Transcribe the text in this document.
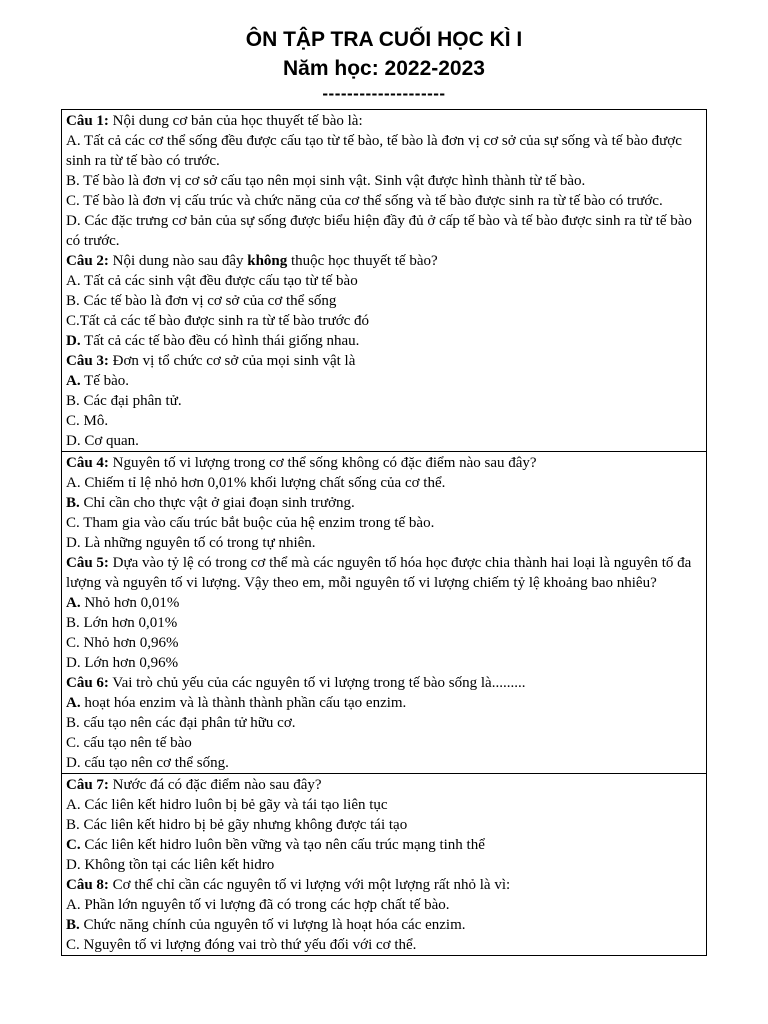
ÔN TẬP TRA CUỐI HỌC KÌ I
Năm học: 2022-2023
--------------------

Câu 1: Nội dung cơ bản của học thuyết tế bào là:

A. Tất cả các cơ thể sống đều được cấu tạo từ tế bào, tế bào là đơn vị cơ sở của sự sống và tế bào được sinh ra từ tế bào có trước.

B. Tế bào là đơn vị cơ sở cấu tạo nên mọi sinh vật. Sinh vật được hình thành từ tế bào.

C. Tế bào là đơn vị cấu trúc và chức năng của cơ thể sống và tế bào được sinh ra từ tế bào có trước.

D. Các đặc trưng cơ bản của sự sống được biểu hiện đầy đủ ở cấp tế bào và tế bào được sinh ra từ tế bào có trước.

Câu 2: Nội dung nào sau đây không thuộc học thuyết tế bào?

A. Tất cả các sinh vật đều được cấu tạo từ tế bào

B. Các tế bào là đơn vị cơ sở của cơ thể sống

C.Tất cả các tế bào được sinh ra từ tế bào trước đó

D. Tất cả các tế bào đều có hình thái giống nhau.

Câu 3: Đơn vị tổ chức cơ sở của mọi sinh vật là

A. Tế bào.

B. Các đại phân tử.

C. Mô.

D. Cơ quan.

Câu 4: Nguyên tố vi lượng trong cơ thể sống không có đặc điểm nào sau đây?

A. Chiếm tỉ lệ nhỏ hơn 0,01% khối lượng chất sống của cơ thể.

B. Chỉ cần cho thực vật ở giai đoạn sinh trưởng.

C. Tham gia vào cấu trúc bắt buộc của hệ enzim trong tế bào.

D. Là những nguyên tố có trong tự nhiên.

Câu 5: Dựa vào tỷ lệ có trong cơ thể mà các nguyên tố hóa học được chia thành hai loại là nguyên tố đa lượng và nguyên tố vi lượng. Vậy theo em, mỗi nguyên tố vi lượng chiếm tỷ lệ khoảng bao nhiêu?

A. Nhỏ hơn 0,01%

B. Lớn hơn 0,01%

C. Nhỏ hơn 0,96%

D. Lớn hơn 0,96%

Câu 6: Vai trò chủ yếu của các nguyên tố vi lượng trong tế bào sống là.........

A. hoạt hóa enzim và là thành thành phần cấu tạo enzim.

B. cấu tạo nên các đại phân tử hữu cơ.

C. cấu tạo nên tế bào

D. cấu tạo nên cơ thể sống.

Câu 7: Nước đá có đặc điểm nào sau đây?

A. Các liên kết hidro luôn bị bẻ gãy và tái tạo liên tục

B. Các liên kết hidro bị bẻ gãy nhưng không được tái tạo

C. Các liên kết hidro luôn bền vững và tạo nên cấu trúc mạng tinh thể

D. Không tồn tại các liên kết hidro

Câu 8: Cơ thể chỉ cần các nguyên tố vi lượng với một lượng rất nhỏ là vì:

A. Phần lớn nguyên tố vi lượng đã có trong các hợp chất tế bào.

B. Chức năng chính của nguyên tố vi lượng là hoạt hóa các enzim.

C. Nguyên tố vi lượng đóng vai trò thứ yếu đối với cơ thể.
